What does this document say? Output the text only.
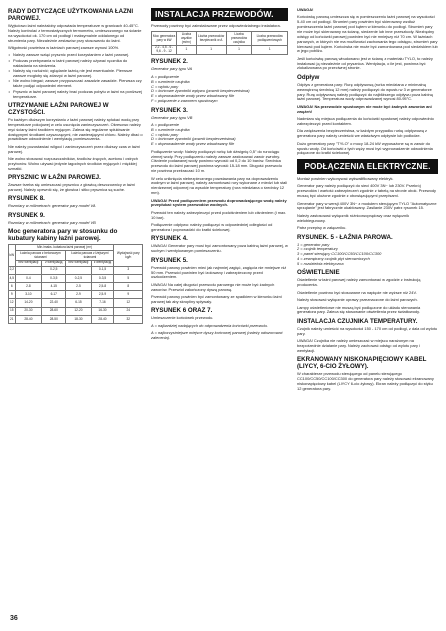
RADY DOTYCZĄCE UŻYTKOWANIA ŁAZNI PAROWEJ.

Wyjściowo łaźni należałoby odpowiada temperaturze w granicach 40-45°C. Należy kontrolać z termostatycznych termometru, umieszczonego na ścianie na wysokości ok. 170 cm od podłogi i maksymalnie oddalonego od strumienia pary. Niezależnie zestawów przy stosowaniu do łaźni.

Wilgotność powietrza w łaźniach parowej zawsze wynosi 100%.

• Należy zawsze wziąć prysznic przed korzystaniem z łaźni parowej.
• Podczas przebywania w łaźni parowej należy używać ręcznika do nakładania na siedzenia.
• Należy się rozluźnić; oglądanie łaźnią nie jest ewentualnie. Pierwsze zawsze mogłoby się zdarzyć w łaźni parowej.
• Nie wolno biegać; zawsze przypuszczać zasadzie zasadzie. Pierwsza czy także podjąć odpowiedni element.
• Prysznic w łaźni parowej należy brać podczas pobytu w łaźni na poniższej temperaturze.
UTRZYMANIE ŁAŹNI PAROWEJ W CZYSTOŚCI.

Po każdym dłuższym korzystaniu z łaźni parowej należy spłukać wodą przy temperaturze pokojowej w celu usunięcia zanieczyszczeń. Okresowo należy myć ściany łaźni środkiem myjącym. Zaleca się regularne spłukiwanie dostępnymi środkami czyszczącymi, nie zawierającymi chloru. Należy dbać o prawidłowe odwodnienie i wentylację pomieszczenia.

Nie należy pozostawiać wilgoci i zanieczyszczeń przez dłuższy czas w łaźni parowej.

Nie wolno stosować rozpuszczalników, środków żrących, acetonu i ostrych przyborów. Wolno używać jedynie łagodnych środków myjących i miękkiej szmatki.

PRYSZNIC W ŁAŹNI PAROWEJ.

Zawsze trzeba się umieszczać prysznicu z głowicą deszczownicy w łaźni parowej. Należy upewnić się, że głowica i sitko prysznica są suche.

RYSUNEK 8.

Rozmiary w milimetrach: generator pary model VA

RYSUNEK 9.

Rozmiary w milimetrach: generator pary model VB

Moc generatora pary w stosunku do kubatury kabiny łaźni parowej.
kW	Min./maks. kubatura łaźni parowej (m³)				Wydajność pary kg/h
	Łaźnia parowa z betonowym ścianami		Łaźnia parowa z lżejszymi ścianami		
	bez wentylacji	z wentylacją	bez wentylacji	z wentylacją	
2,2		0-2,5		0-1,5	3
4,5	0-4	0-3,5	0-2,5	0-3,5	5
6	2-8	4-15	2-5	2,5-8	8
9	3-10	6-17	2-9	2,5-9	9
12	14-20	22-40	6-15	7-16	12
15	20-30	28-60	12-20	16-30	24
21	28-40	28-50	18-30	28-40	32
INSTALACJA PRZEWODÓW.

Przewody powinny być zainstalowane przez odpowiedzialnego instalatora.

Moc generatora pary w kW	Liczba węzłów (m/m²)	Liczba przewodów bezpiecznik w A	Liczba przewodów czujnika	Liczba przewodów podłączeniowych
2,2 - 4,5 - 6 - 9,6 - 9 - 12	1	1	1	1
RYSUNEK 2.

Generator pary typu VA

A = podłączenie
B = rurmiecie czujnika
C = wylotu pary
D = końcowe żywotniki wpływu (powrót bezpieczeństwa)
E = doprowadzenie wody przez wbudowany filtr
F = połączenie z zaworem spustowym

RYSUNEK 3.

Generator pary typu VB

A = podłączenie
B = rurmiecie czujnika
C = wylotu pary
D = końcowe żywotniki (powrót bezpieczeństwa)
E = doprowadzenie wody przez wbudowany filtr

Podłączenie wody: Należy podłączyć rurkę lub dźwignię 0,5" do rurociągu zimnej wody. Przy podłączeniu należy zawsze zastosować zawór zwrotny. Ciśnienie podawanej wody powinno wynosić od 0,2 do 10 barów. Średnica przewodu do łaźni parowej powinna wynosić 15-18 mm. Długość przewodu nie powinna przekraczać 10 m.

W celu uniknięcia niebezpiecznego powstawania pary na doprowadzeniu wodnym w łaźni parowej, należy zamontować rury wykonane z miedzi lub stali nierdzewnej odpornej na wysokie temperatury (rura miedziana o średnicy 12 mm).

UWAGA! Przed podłączeniem przewodu doprowadzającego wodę należy przepłukać system przewodów wodnych.

Przewód ten należy zabezpieczyć przed podciśnieniem lub ciśnieniem (i max. 10 bar).

Podłączenie odpływu: należy podłączyć w odpowiedniej odległości od generatora i poprowadzić do kratki ściekowej.

RYSUNEK 4.

UWAGA! Generator pary musi być zamontowany poza kabiną łaźni parowej, w suchym i wentylowanym pomieszczeniu.

RYSUNEK 5.

Przewód parowy powinien mieć jak najmniej zagięć, zagięcia nie mniejsze niż 50 mm. Przewód powinien być izolowany i zabezpieczony przed uszkodzeniem.

UWAGA! Na całej długości przewodu parowego nie może być żadnych zaworów. Przewód zakończony dyszą parową.

Przewód parowy powinien być zamontowany ze spadkiem w kierunku łaźni parowej tak aby skropliny spływały.

RYSUNEK 6 ORAZ 7.

Umieszczenie końcówek przewodu.

A = najbardziej nadających do odprowadzenia końcówki przewodu.

A = najkorzystniejsze miejsce dyszy końcowej parowej (należy odwzorować zalecenia).

UWAGA!

Końcówkę parową umieszcza się w pomieszczeniu łaźni parowej na wysokości 5-40 cm od podłogi. Strumień pary powinien być skierowany wzdłuż pomieszczenia łaźni parowej pod kątem w kierunku do podłogi. Strumień pary nie może być skierowany na ścianę, siedzenie lub inne przeszkody. Niezbędny odstęp od końcówki parowej powinien być nie mniejszy niż 70 cm. W łaźniach parowych, w których nie ma możliwości zachowania tego odstępu, strumień pary kierować pod kątem. Końcówka nie może być zamontowana pod siedziskiem lub w jego pobliżu.

Jeśli końcówkę parową wbudowano jest w ścianę z materiału TYLO, to należy instalować ją niezależnie od prysznica. Wentylacja, o ile jest, powinna być zlokalizowana po przeciwnej stronie.

Odpływ

Odpływ z generatora pary: Rurę odpływową (rurka miedziana z minimalną wewnętrzną średnicą 12 mm) należy podłączyć do wpustu w 3 w generatorze pary. Rurę odpływową należy podłączyć do najbliższego odpływu poza kabiną łaźni parowej. Temperatura wody odprowadzanej wynosi 80-95°C.

UWAGA! Na przewodzie spustowym nie może być żadnych zaworów ani zwężeń!

Nadmiaru się miejsca podłączenia do końcówki spustowej należy odpowiednio zabezpieczyć przed kontaktem.

Dla zwiększenia bezpieczeństwa, w każdym przypadku rurkę odpływową z generatora pary należy umieścić we właściwym odpływie lub podłodze.

Dużo generatory pary "TYLO" o mocy 18-24 kW wyposażone są w zawór do spustu wody. Od końcówki z tych węży musi być wyprowadzenie odwodnienia połączone do kratki ściekowej.

PODŁĄCZENIA ELEKTRYCZNE.

Montaż powinien wykonywać wykwalifikowany elektryk.

Generator pary należy podłączyć do sieci 400V 3N~ lub 230V. Przekrój przewodów i wartość zabezpieczeń zgodnie z tabelą na stronie obok. Przewody muszą być ułożone zgodnie z obowiązującymi przepisami.

Generator pary w wersji 400V 3N~ z modułem sterującym TYLO "Automatyczne sprzątanie" jest fabrycznie okablowany. Zasilanie 230V patrz rysunek 15.

Należy zastosować wyłącznik różnicowoprądowy oraz wyłącznik wielobiegunowy.

Patrz przepisy w załączniku.

RYSUNEK. 5 - ŁAŹNIA PAROWA.

1 = generator pary
2 = czujnik temperatury
3 = panel sterujący CC100/CC50/CC100/CC300
4 = zewnętrzny czujnik płyt sterowniczych
5 = rozdzielnia elektryczna

OŚWIETLENIE

Oświetlenie w łaźni parowej należy zamontować w zgodzie z instrukcją producenta.

Oświetlenie powinno być stosowane na napięcie nie wyższe niż 24V.

Należy stosować wyłącznie oprawy przeznaczone do łaźni parowych.

Lampy oświetleniowe nie muszą być podłączone do układu sterowania generatora pary. Zaleca się stosowanie oświetlenia przez światłowody.

INSTALACJA CZUJNIKA TEMPERATURY.

Czujnik należy umieścić na wysokości 150 - 170 cm od podłogi, z dala od wylotu pary.

UWAGA! Czujnika nie należy umieszczać w miejscu narażonym na bezpośrednie działanie pary. Należy zachować odstęp od wylotu pary i wentylacji.

EKRANOWANY NISKONAPIĘCIOWY KABEL (LIYCY, 6-CIO ŻYŁOWY).

W charakterze przewodu sterującego od panelu sterującego CC100/CC50/CC100/CC300 do generatora pary należy stosować ekranowany niskonapięciowy kabel (LiYCY 6-cio żyłowy). Ekran należy podłączyć do styku 12 generatora pary.

36
